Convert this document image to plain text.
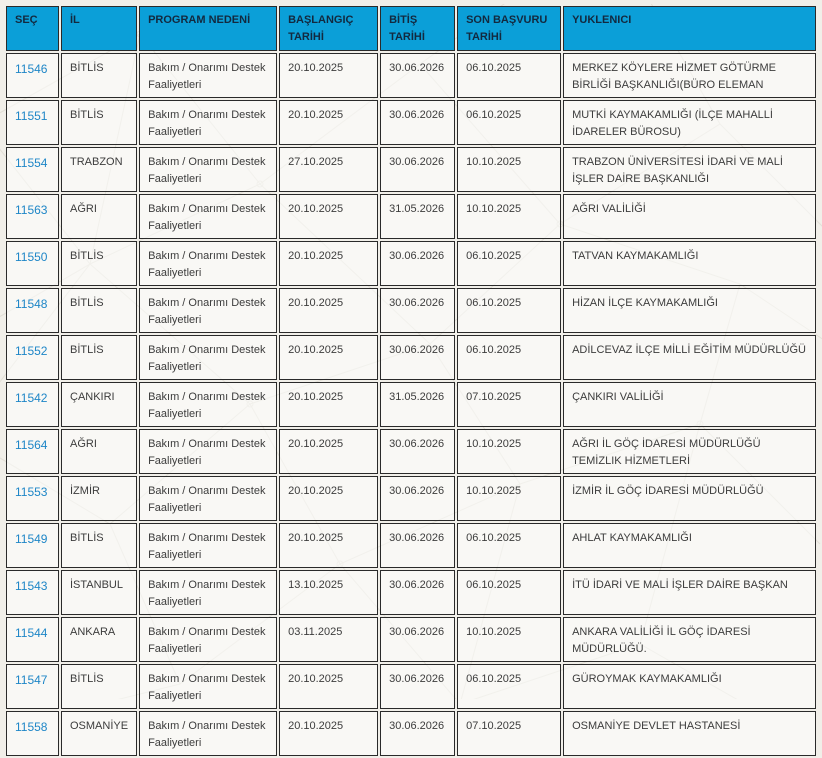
SEÇ	İL	PROGRAM NEDENİ	BAŞLANGIÇ TARİHİ	BİTİŞ TARİHİ	SON BAŞVURU TARİHİ	YUKLENICI
11546	BİTLİS	Bakım / Onarımı Destek Faaliyetleri	20.10.2025	30.06.2026	06.10.2025	MERKEZ KÖYLERE HİZMET GÖTÜRME BİRLİĞİ BAŞKANLIĞI(BÜRO ELEMAN
11551	BİTLİS	Bakım / Onarımı Destek Faaliyetleri	20.10.2025	30.06.2026	06.10.2025	MUTKİ KAYMAKAMLIĞI (İLÇE MAHALLİ İDARELER BÜROSU)
11554	TRABZON	Bakım / Onarımı Destek Faaliyetleri	27.10.2025	30.06.2026	10.10.2025	TRABZON ÜNİVERSİTESİ İDARİ VE MALİ İŞLER DAİRE BAŞKANLIĞI
11563	AĞRI	Bakım / Onarımı Destek Faaliyetleri	20.10.2025	31.05.2026	10.10.2025	AĞRI VALİLİĞİ
11550	BİTLİS	Bakım / Onarımı Destek Faaliyetleri	20.10.2025	30.06.2026	06.10.2025	TATVAN KAYMAKAMLIĞI
11548	BİTLİS	Bakım / Onarımı Destek Faaliyetleri	20.10.2025	30.06.2026	06.10.2025	HİZAN İLÇE KAYMAKAMLIĞI
11552	BİTLİS	Bakım / Onarımı Destek Faaliyetleri	20.10.2025	30.06.2026	06.10.2025	ADİLCEVAZ İLÇE MİLLİ EĞİTİM MÜDÜRLÜĞÜ
11542	ÇANKIRI	Bakım / Onarımı Destek Faaliyetleri	20.10.2025	31.05.2026	07.10.2025	ÇANKIRI VALİLİĞİ
11564	AĞRI	Bakım / Onarımı Destek Faaliyetleri	20.10.2025	30.06.2026	10.10.2025	AĞRI İL GÖÇ İDARESİ MÜDÜRLÜĞÜ TEMİZLIK HİZMETLERİ
11553	İZMİR	Bakım / Onarımı Destek Faaliyetleri	20.10.2025	30.06.2026	10.10.2025	İZMİR İL GÖÇ İDARESİ MÜDÜRLÜĞÜ
11549	BİTLİS	Bakım / Onarımı Destek Faaliyetleri	20.10.2025	30.06.2026	06.10.2025	AHLAT KAYMAKAMLIĞI
11543	İSTANBUL	Bakım / Onarımı Destek Faaliyetleri	13.10.2025	30.06.2026	06.10.2025	İTÜ İDARİ VE MALİ İŞLER DAİRE BAŞKAN
11544	ANKARA	Bakım / Onarımı Destek Faaliyetleri	03.11.2025	30.06.2026	10.10.2025	ANKARA VALİLİĞİ İL GÖÇ İDARESİ MÜDÜRLÜĞÜ.
11547	BİTLİS	Bakım / Onarımı Destek Faaliyetleri	20.10.2025	30.06.2026	06.10.2025	GÜROYMAK KAYMAKAMLIĞI
11558	OSMANİYE	Bakım / Onarımı Destek Faaliyetleri	20.10.2025	30.06.2026	07.10.2025	OSMANİYE DEVLET HASTANESİ
